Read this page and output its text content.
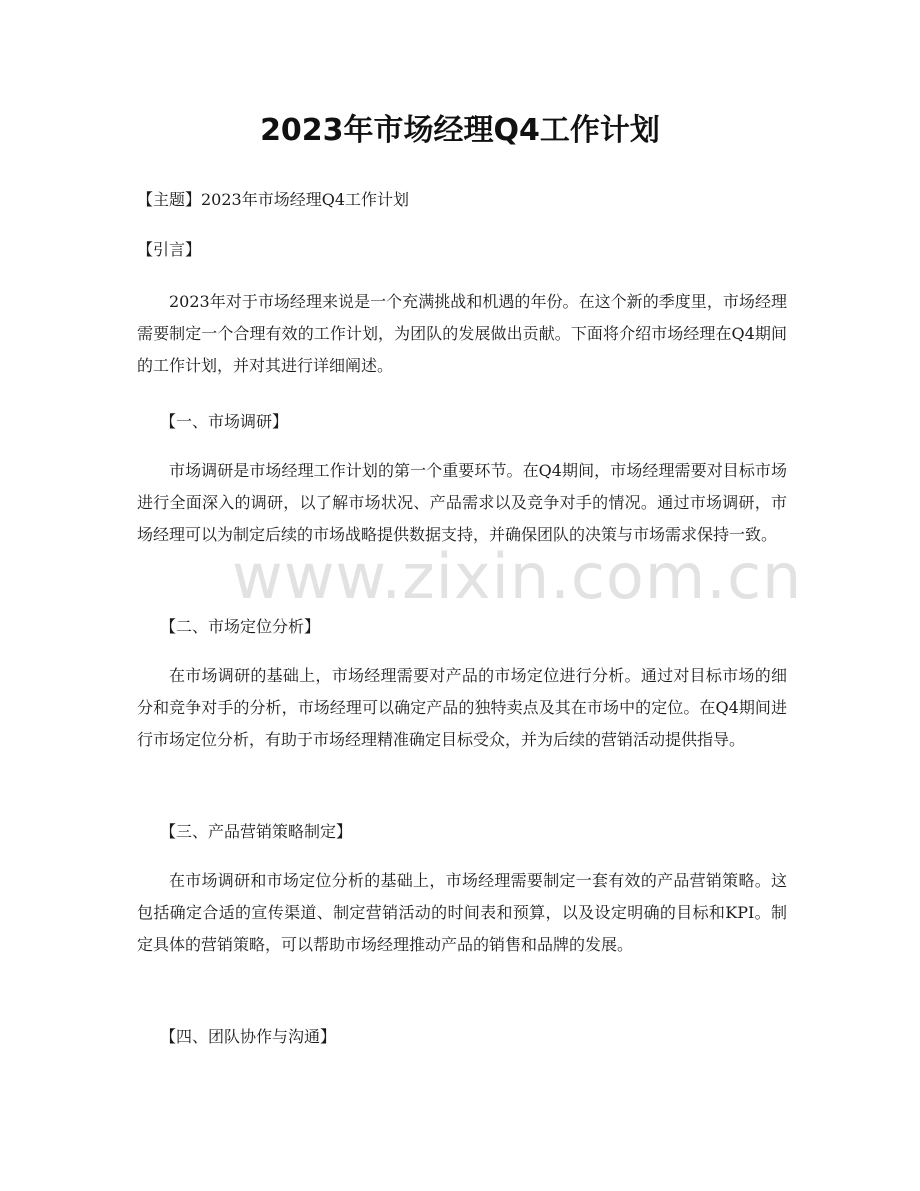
2023年市场经理Q4工作计划

【主题】2023年市场经理Q4工作计划

【引言】

2023年对于市场经理来说是一个充满挑战和机遇的年份。在这个新的季度里，市场经理需要制定一个合理有效的工作计划，为团队的发展做出贡献。下面将介绍市场经理在Q4期间的工作计划，并对其进行详细阐述。

【一、市场调研】

市场调研是市场经理工作计划的第一个重要环节。在Q4期间，市场经理需要对目标市场进行全面深入的调研，以了解市场状况、产品需求以及竞争对手的情况。通过市场调研，市场经理可以为制定后续的市场战略提供数据支持，并确保团队的决策与市场需求保持一致。

【二、市场定位分析】

在市场调研的基础上，市场经理需要对产品的市场定位进行分析。通过对目标市场的细分和竞争对手的分析，市场经理可以确定产品的独特卖点及其在市场中的定位。在Q4期间进行市场定位分析，有助于市场经理精准确定目标受众，并为后续的营销活动提供指导。

【三、产品营销策略制定】

在市场调研和市场定位分析的基础上，市场经理需要制定一套有效的产品营销策略。这包括确定合适的宣传渠道、制定营销活动的时间表和预算，以及设定明确的目标和KPI。制定具体的营销策略，可以帮助市场经理推动产品的销售和品牌的发展。

【四、团队协作与沟通】

www.zixin.com.cn
